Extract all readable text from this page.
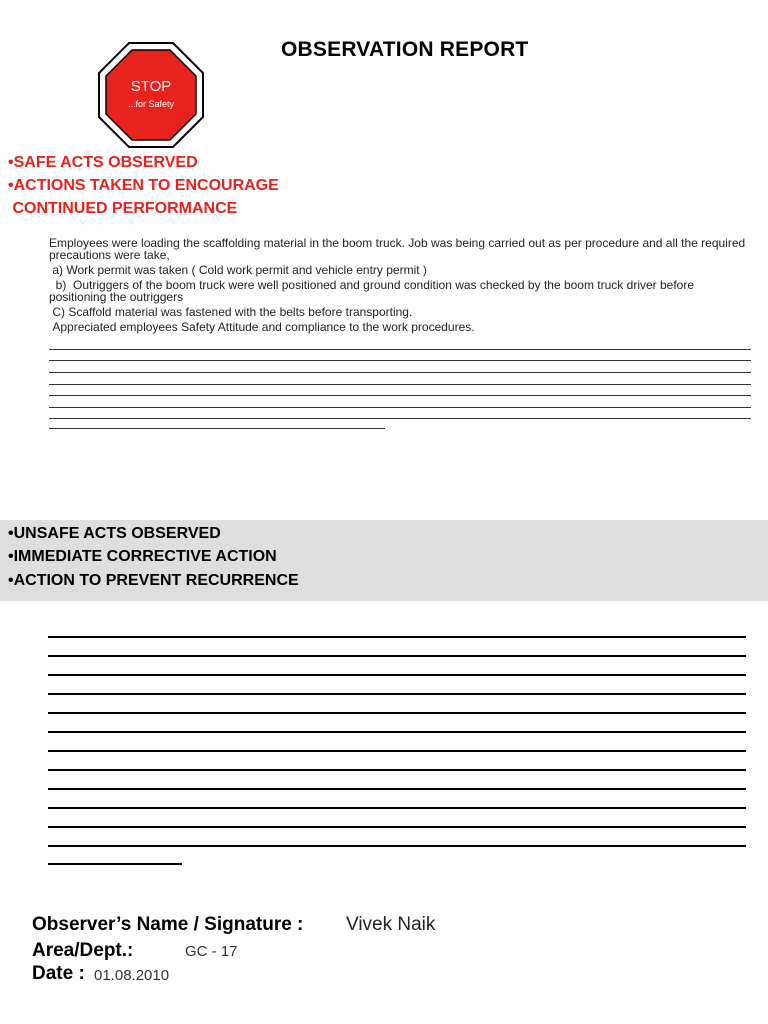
STOP
...for Safety
OBSERVATION REPORT
•SAFE ACTS OBSERVED
•ACTIONS TAKEN TO ENCOURAGE
CONTINUED PERFORMANCE
Employees were loading the scaffolding material in the boom truck. Job was being carried out as per procedure and all the required precautions were take,
a) Work permit was taken ( Cold work permit and vehicle entry permit )
b)  Outriggers of the boom truck were well positioned and ground condition was checked by the boom truck driver before positioning the outriggers
C) Scaffold material was fastened with the belts before transporting.
Appreciated employees Safety Attitude and compliance to the work procedures.
•UNSAFE ACTS OBSERVED
•IMMEDIATE CORRECTIVE ACTION
•ACTION TO PREVENT RECURRENCE
Observer’s Name / Signature : Vivek Naik
Area/Dept.:	GC - 17
Date : 01.08.2010
